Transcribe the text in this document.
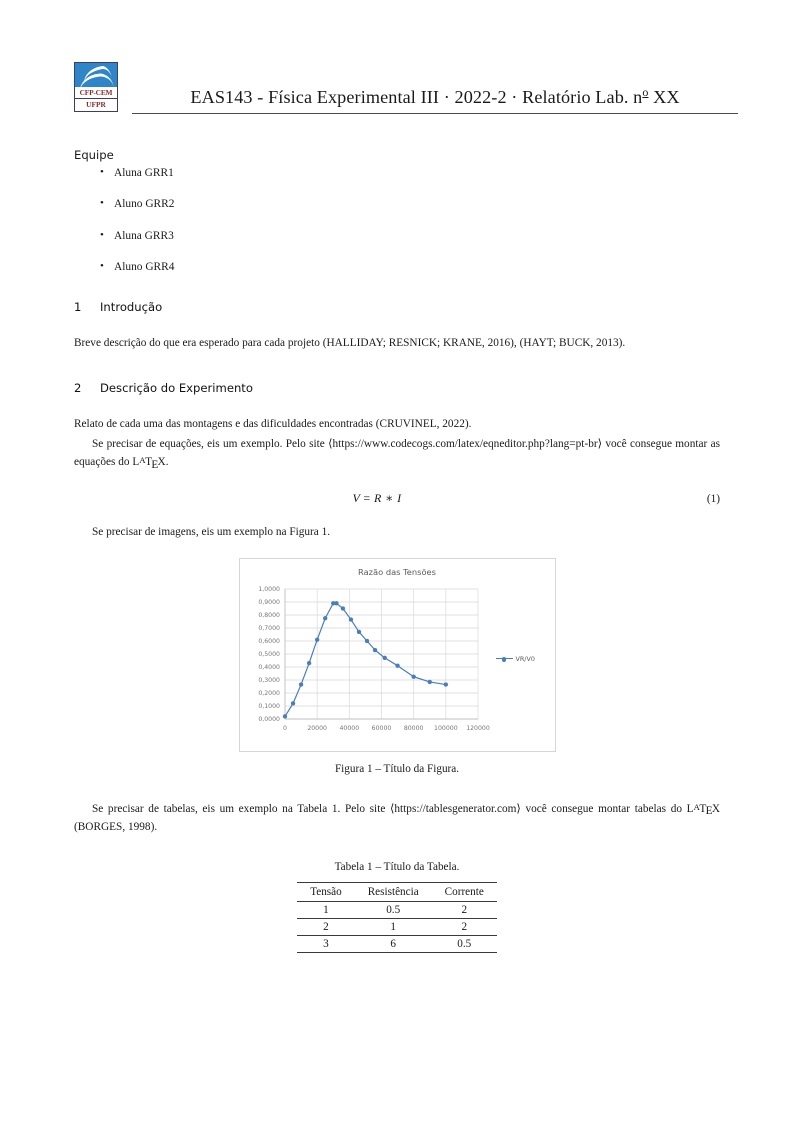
CFP-CEM
UFPR	EAS143 - Física Experimental III · 2022-2 · Relatório Lab. $n^o$ XX
Equipe
• Aluna GRR1
• Aluno GRR2
• Aluna GRR3
• Aluno GRR4
1 Introdução

Breve descrição do que era esperado para cada projeto (HALLIDAY; RESNICK; KRANE, 2016), (HAYT; BUCK, 2013).

2 Descrição do Experimento

Relato de cada uma das montagens e das dificuldades encontradas (CRUVINEL, 2022).

Se precisar de equações, eis um exemplo. Pelo site ⟨https://www.codecogs.com/latex/eqneditor.php?lang=pt-br⟩ você consegue montar as equações do LATEX.

V = R ∗ I	(1)

Se precisar de imagens, eis um exemplo na Figura 1.

Razão das Tensões
0,0000
0,1000
0,2000
0,3000
0,4000
0,5000
0,6000
0,7000
0,8000
0,9000
1,0000
0	20000 40000 60000 80000 100000 120000
VR/V0

Figura 1 – Título da Figura.

Se precisar de tabelas, eis um exemplo na Tabela 1. Pelo site ⟨https://tablesgenerator.com⟩ você consegue montar tabelas do LATEX (BORGES, 1998).

Tabela 1 – Título da Tabela.

Tensão	Resistência	Corrente
1	0.5	2
2	1	2
3	6	0.5
